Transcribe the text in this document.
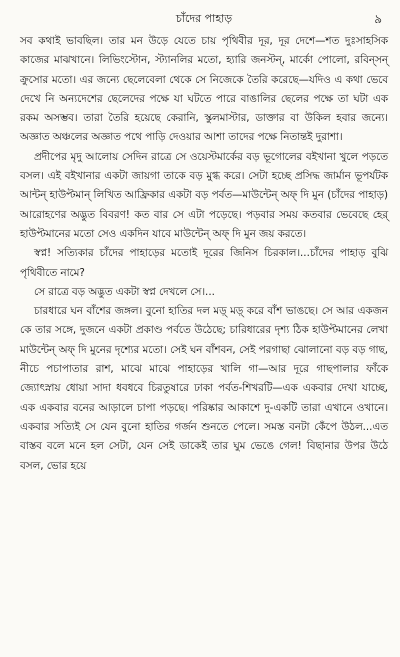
চাঁদের পাহাড়	৯

সব কথাই ভাবছিল। তার মন উড়ে যেতে চায় পৃথিবীর দূর, দূর দেশে—শত দুঃসাহসিক কাজের মাঝখানে। লিভিংস্টোন, স্ট্যানলির মতো, হ্যারি জনস্টন্‌, মার্কো পোলো, রবিন্‌সন্ ক্রুসোর মতো। এর জন্যে ছেলেবেলা থেকে সে নিজেকে তৈরি করেছে—যদিও এ কথা ভেবে দেখে নি অন্যদেশের ছেলেদের পক্ষে যা ঘটতে পারে বাঙালির ছেলের পক্ষে তা ঘটা এক রকম অসম্ভব। তারা তৈরি হয়েছে কেরানি, স্কুলমাস্টার, ডাক্তার বা উকিল হবার জন্যে। অজ্ঞাত অঞ্চলের অজ্ঞাত পথে পাড়ি দেওয়ার আশা তাদের পক্ষে নিতান্তই দুরাশা।

প্রদীপের মৃদু আলোয় সেদিন রাত্রে সে ওয়েস্টমার্কের বড় ভূগোলের বইখানা খুলে পড়তে বসল। এই বইখানার একটা জায়গা তাকে বড় মুগ্ধ করে। সেটা হচ্ছে প্রসিদ্ধ জার্মান ভূপর্যটক আন্টন্‌ হাউপ্টমান্‌ লিখিত আফ্রিকার একটা বড় পর্বত—মাউন্টেন্‌ অফ্‌ দি মুন (চাঁদের পাহাড়) আরোহণের অদ্ভুত বিবরণ! কত বার সে এটা পড়েছে। পড়বার সময় কতবার ভেবেছে হের্‌ হাউপ্টমানের মতো সেও একদিন যাবে মাউন্টেন্‌ অফ্‌ দি মুন জয় করতে।

স্বপ্ন! সত্যিকার চাঁদের পাহাড়ের মতোই দূরের জিনিস চিরকাল।...চাঁদের পাহাড় বুঝি পৃথিবীতে নামে?

সে রাত্রে বড় অদ্ভুত একটা স্বপ্ন দেখলে সে।...

চারধারে ঘন বাঁশের জঙ্গল। বুনো হাতির দল মড়্‌ মড়্‌ করে বাঁশ ভাঙছে। সে আর একজন কে তার সঙ্গে, দুজনে একটা প্রকাণ্ড পর্বতে উঠেছে; চারিধারের দৃশ্য ঠিক হাউপ্টমানের লেখা মাউন্টেন্‌ অফ্‌ দি মুনের দৃশ্যের মতো। সেই ঘন বাঁশবন, সেই পরগাছা ঝোলানো বড় বড় গাছ, নীচে পচাপাতার রাশ, মাঝে মাঝে পাহাড়ের খালি গা—আর দূরে গাছপালার ফাঁকে জ্যোৎস্নায় ধোয়া সাদা ধবধবে চিরতুষারে ঢাকা পর্বত-শিখরটি—এক একবার দেখা যাচ্ছে, এক একবার বনের আড়ালে চাপা পড়ছে। পরিষ্কার আকাশে দু-একটি তারা এখানে ওখানে। একবার সত্যিই সে যেন বুনো হাতির গর্জন শুনতে পেলে। সমস্ত বনটা কেঁপে উঠল...এত বাস্তব বলে মনে হল সেটা, যেন সেই ডাকেই তার ঘুম ভেঙে গেল! বিছানার উপর উঠে বসল, ভোর হয়ে
